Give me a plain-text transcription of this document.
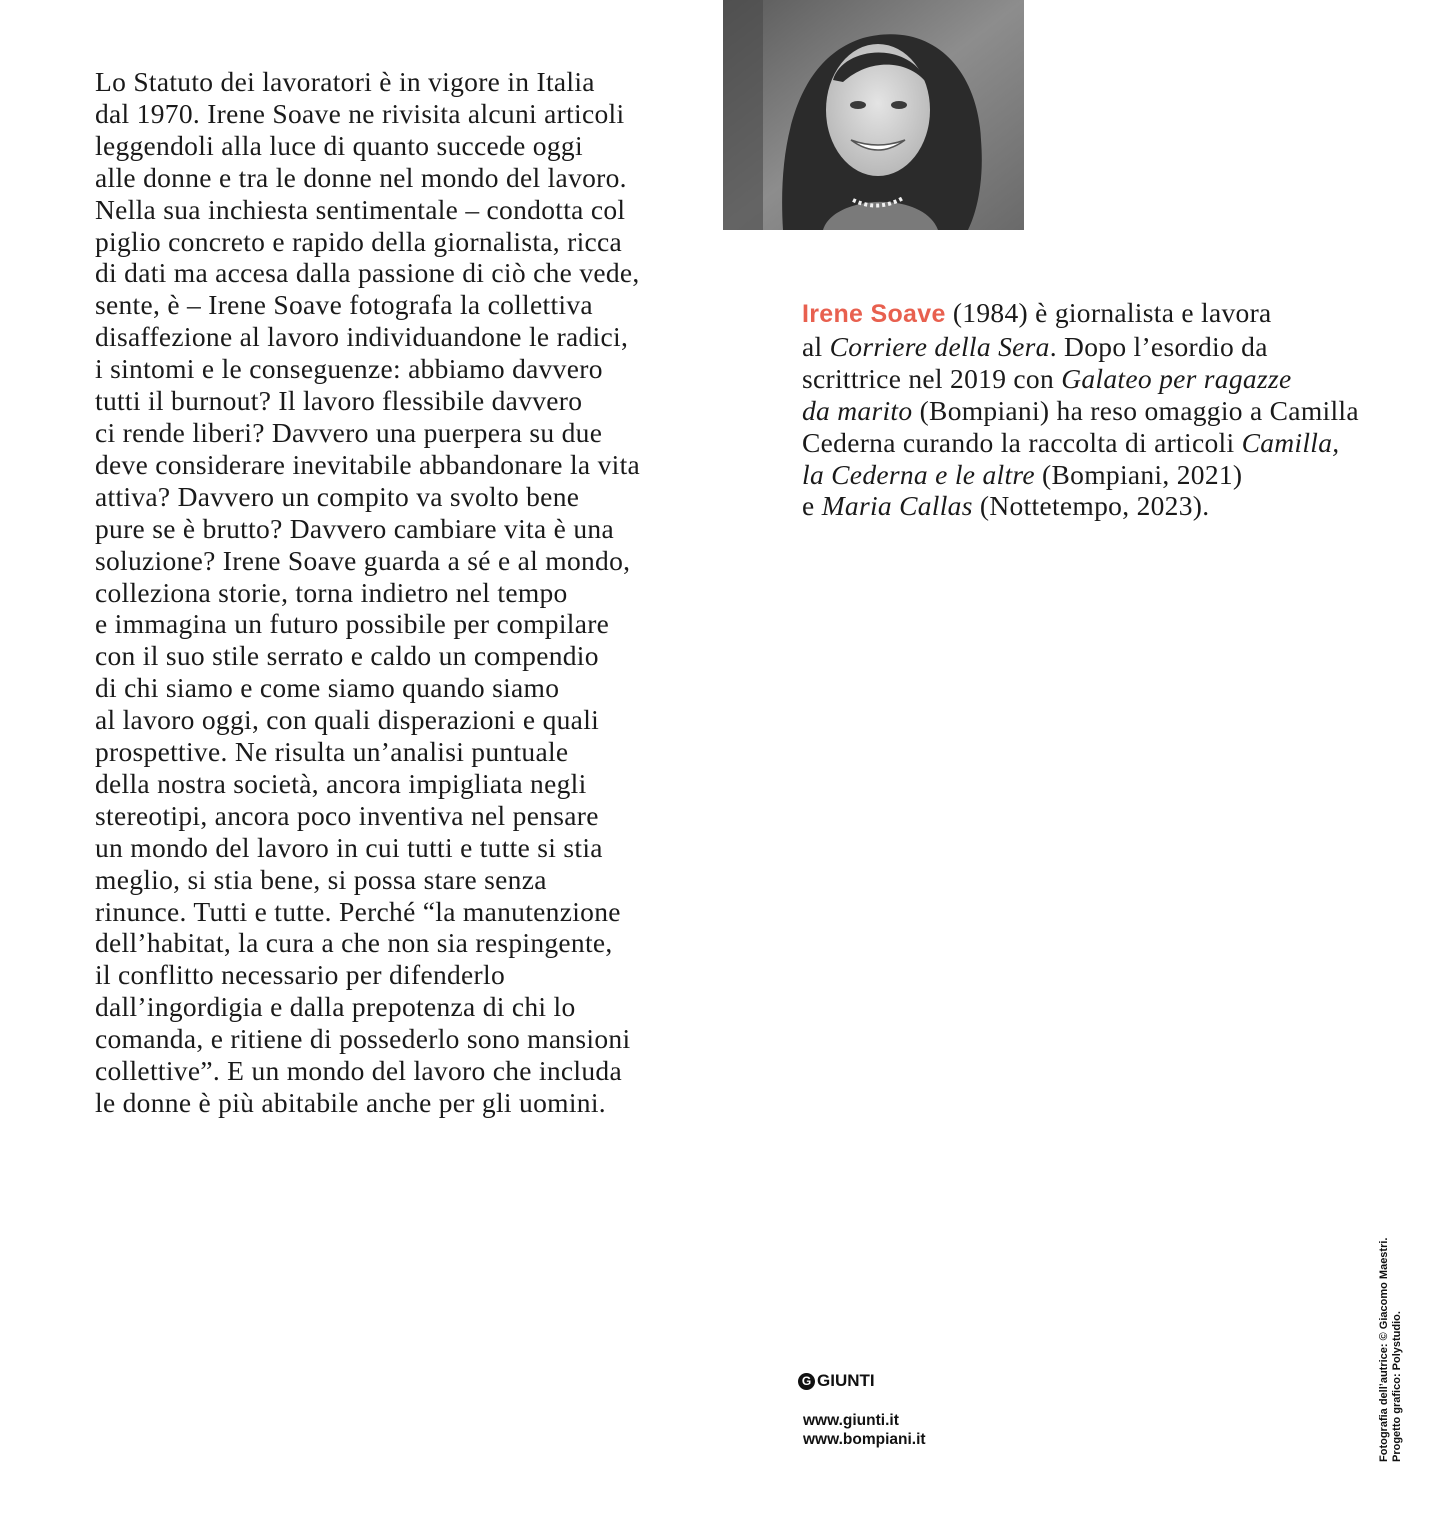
Lo Statuto dei lavoratori è in vigore in Italia
dal 1970. Irene Soave ne rivisita alcuni articoli
leggendoli alla luce di quanto succede oggi
alle donne e tra le donne nel mondo del lavoro.
Nella sua inchiesta sentimentale – condotta col
piglio concreto e rapido della giornalista, ricca
di dati ma accesa dalla passione di ciò che vede,
sente, è – Irene Soave fotografa la collettiva
disaffezione al lavoro individuandone le radici,
i sintomi e le conseguenze: abbiamo davvero
tutti il burnout? Il lavoro flessibile davvero
ci rende liberi? Davvero una puerpera su due
deve considerare inevitabile abbandonare la vita
attiva? Davvero un compito va svolto bene
pure se è brutto? Davvero cambiare vita è una
soluzione? Irene Soave guarda a sé e al mondo,
colleziona storie, torna indietro nel tempo
e immagina un futuro possibile per compilare
con il suo stile serrato e caldo un compendio
di chi siamo e come siamo quando siamo
al lavoro oggi, con quali disperazioni e quali
prospettive. Ne risulta un’analisi puntuale
della nostra società, ancora impigliata negli
stereotipi, ancora poco inventiva nel pensare
un mondo del lavoro in cui tutti e tutte si stia
meglio, si stia bene, si possa stare senza
rinunce. Tutti e tutte. Perché “la manutenzione
dell’habitat, la cura a che non sia respingente,
il conflitto necessario per difenderlo
dall’ingordigia e dalla prepotenza di chi lo
comanda, e ritiene di possederlo sono mansioni
collettive”. E un mondo del lavoro che includa
le donne è più abitabile anche per gli uomini.
Irene Soave (1984) è giornalista e lavora
al Corriere della Sera. Dopo l’esordio da
scrittrice nel 2019 con Galateo per ragazze
da marito (Bompiani) ha reso omaggio a Camilla
Cederna curando la raccolta di articoli Camilla,
la Cederna e le altre (Bompiani, 2021)
e Maria Callas (Nottetempo, 2023).
G GIUNTI
www.giunti.it
www.bompiani.it	Fotografia dell’autrice: © Giacomo Maestri. Progetto grafico: Polystudio.
